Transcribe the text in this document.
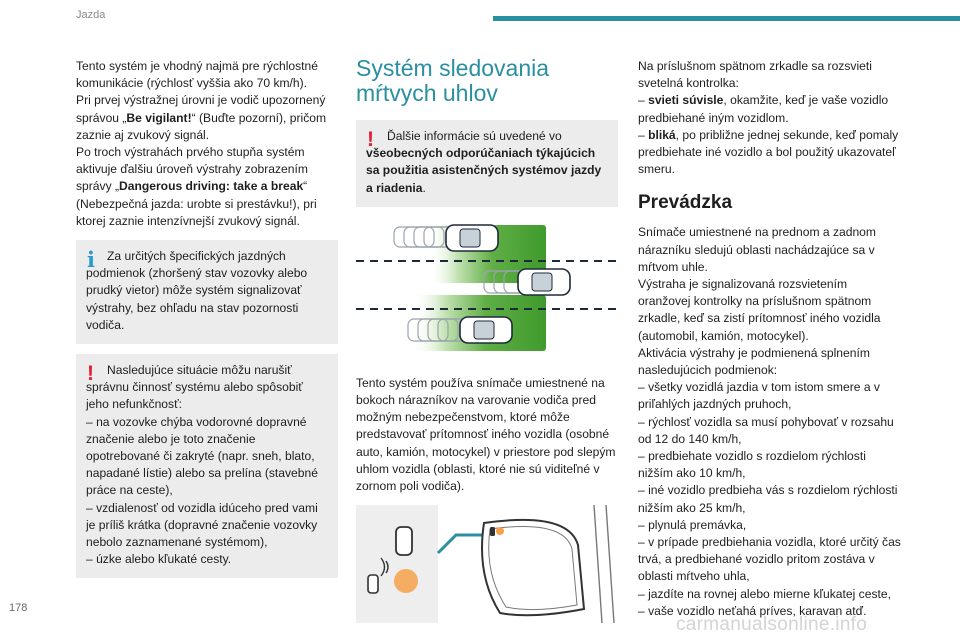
Jazda

Tento systém je vhodný najmä pre rýchlostné komunikácie (rýchlosť vyššia ako 70 km/h).
Pri prvej výstražnej úrovni je vodič upozornený správou „Be vigilant!“ (Buďte pozorní), pričom zaznie aj zvukový signál.
Po troch výstrahách prvého stupňa systém aktivuje ďalšiu úroveň výstrahy zobrazením správy „Dangerous driving: take a break“ (Nebezpečná jazda: urobte si prestávku!), pri ktorej zaznie intenzívnejší zvukový signál.

i Za určitých špecifických jazdných podmienok (zhoršený stav vozovky alebo prudký vietor) môže systém signalizovať výstrahy, bez ohľadu na stav pozornosti vodiča.

!	Nasledujúce situácie môžu narušiť správnu činnosť systému alebo spôsobiť jeho nefunkčnosť:

– na vozovke chýba vodorovné dopravné značenie alebo je toto značenie opotrebované či zakryté (napr. sneh, blato, napadané lístie) alebo sa prelína (stavebné práce na ceste),

– vzdialenosť od vozidla idúceho pred vami je príliš krátka (dopravné značenie vozovky nebolo zaznamenané systémom),

– úzke alebo kľukaté cesty.

Systém sledovania
mŕtvych uhlov
!	Ďalšie informácie sú uvedené vo všeobecných odporúčaniach týkajúcich sa použitia asistenčných systémov jazdy a riadenia.

Tento systém používa snímače umiestnené na bokoch nárazníkov na varovanie vodiča pred možným nebezpečenstvom, ktoré môže predstavovať prítomnosť iného vozidla (osobné auto, kamión, motocykel) v priestore pod slepým uhlom vozidla (oblasti, ktoré nie sú viditeľné v zornom poli vodiča).

Na príslušnom spätnom zrkadle sa rozsvieti svetelná kontrolka:
– svieti súvisle, okamžite, keď je vaše vozidlo predbiehané iným vozidlom.
– bliká, po približne jednej sekunde, keď pomaly predbiehate iné vozidlo a bol použitý ukazovateľ smeru.

Prevádzka

Snímače umiestnené na prednom a zadnom nárazníku sledujú oblasti nachádzajúce sa v mŕtvom uhle.

Výstraha je signalizovaná rozsvietením oranžovej kontrolky na príslušnom spätnom zrkadle, keď sa zistí prítomnosť iného vozidla (automobil, kamión, motocykel).

Aktivácia výstrahy je podmienená splnením nasledujúcich podmienok:

– všetky vozidlá jazdia v tom istom smere a v priľahlých jazdných pruhoch,

– rýchlosť vozidla sa musí pohybovať v rozsahu od 12 do 140 km/h,

– predbiehate vozidlo s rozdielom rýchlosti nižším ako 10 km/h,

– iné vozidlo predbieha vás s rozdielom rýchlosti nižším ako 25 km/h,

– plynulá premávka,

– v prípade predbiehania vozidla, ktoré určitý čas trvá, a predbiehané vozidlo pritom zostáva v oblasti mŕtveho uhla,

– jazdíte na rovnej alebo mierne kľukatej ceste,

– vaše vozidlo neťahá príves, karavan atď.

178
carmanualsonline.info
